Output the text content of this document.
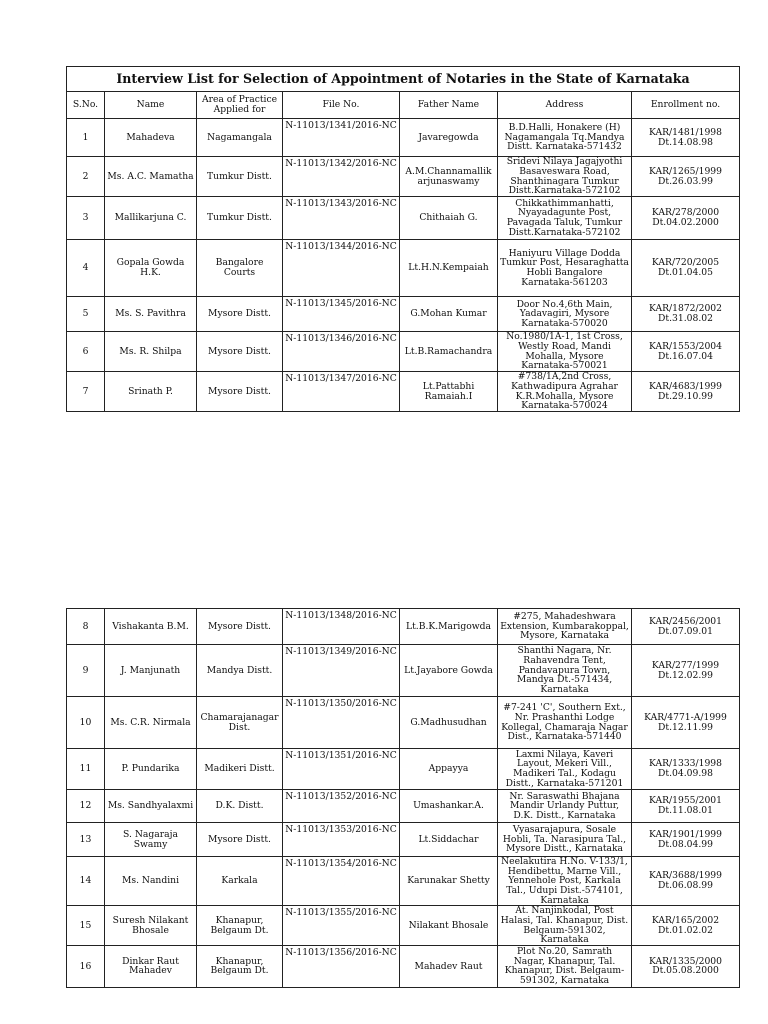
Interview List for Selection of Appointment of Notaries in the State of Karnataka						
S.No.	Name	Area of Practice Applied for	File No.	Father Name	Address	Enrollment no.
1	Mahadeva	Nagamangala	N-11013/1341/2016-NC	Javaregowda	B.D.Halli, Honakere (H) Nagamangala Tq.Mandya Distt. Karnataka-571432	KAR/1481/1998 Dt.14.08.98
2	Ms. A.C. Mamatha	Tumkur Distt.	N-11013/1342/2016-NC	A.M.Channamallik arjunaswamy	Sridevi Nilaya Jagajyothi Basaveswara Road, Shanthinagara Tumkur Distt.Karnataka-572102	KAR/1265/1999 Dt.26.03.99
3	Mallikarjuna C.	Tumkur Distt.	N-11013/1343/2016-NC	Chithaiah G.	Chikkathimmanhatti, Nyayadagunte Post, Pavagada Taluk, Tumkur Distt.Karnataka-572102	KAR/278/2000 Dt.04.02.2000
4	Gopala Gowda H.K.	Bangalore Courts	N-11013/1344/2016-NC	Lt.H.N.Kempaiah	Haniyuru Village Dodda Tumkur Post, Hesaraghatta Hobli Bangalore Karnataka-561203	KAR/720/2005 Dt.01.04.05
5	Ms. S. Pavithra	Mysore Distt.	N-11013/1345/2016-NC	G.Mohan Kumar	Door No.4,6th Main, Yadavagiri, Mysore Karnataka-570020	KAR/1872/2002 Dt.31.08.02
6	Ms. R. Shilpa	Mysore Distt.	N-11013/1346/2016-NC	Lt.B.Ramachandra	No.1980/1A-1, 1st Cross, Westly Road, Mandi Mohalla, Mysore Karnataka-570021	KAR/1553/2004 Dt.16.07.04
7	Srinath P.	Mysore Distt.	N-11013/1347/2016-NC	Lt.Pattabhi Ramaiah.I	#738/1A,2nd Cross, Kathwadipura Agrahar K.R.Mohalla, Mysore Karnataka-570024	KAR/4683/1999 Dt.29.10.99
8	Vishakanta B.M.	Mysore Distt.	N-11013/1348/2016-NC	Lt.B.K.Marigowda	#275, Mahadeshwara Extension, Kumbarakoppal, Mysore, Karnataka	KAR/2456/2001 Dt.07.09.01
9	J. Manjunath	Mandya Distt.	N-11013/1349/2016-NC	Lt.Jayabore Gowda	Shanthi Nagara, Nr. Rahavendra Tent, Pandavapura Town, Mandya Dt.-571434, Karnataka	KAR/277/1999 Dt.12.02.99
10	Ms. C.R. Nirmala	Chamarajanagar Dist.	N-11013/1350/2016-NC	G.Madhusudhan	#7-241 'C', Southern Ext., Nr. Prashanthi Lodge Kollegal, Chamaraja Nagar Dist., Karnataka-571440	KAR/4771-A/1999 Dt.12.11.99
11	P. Pundarika	Madikeri Distt.	N-11013/1351/2016-NC	Appayya	Laxmi Nilaya, Kaveri Layout, Mekeri Vill., Madikeri Tal., Kodagu Distt., Karnataka-571201	KAR/1333/1998 Dt.04.09.98
12	Ms. Sandhyalaxmi	D.K. Distt.	N-11013/1352/2016-NC	Umashankar.A.	Nr. Saraswathi Bhajana Mandir Urlandy Puttur, D.K. Distt., Karnataka	KAR/1955/2001 Dt.11.08.01
13	S. Nagaraja Swamy	Mysore Distt.	N-11013/1353/2016-NC	Lt.Siddachar	Vyasarajapura, Sosale Hobli, Ta. Narasipura Tal., Mysore Distt., Karnataka	KAR/1901/1999 Dt.08.04.99
14	Ms. Nandini	Karkala	N-11013/1354/2016-NC	Karunakar Shetty	Neelakutira H.No. V-133/1, Hendibettu, Marne Vill., Yennehole Post, Karkala Tal., Udupi Dist.-574101, Karnataka	KAR/3688/1999 Dt.06.08.99
15	Suresh Nilakant Bhosale	Khanapur, Belgaum Dt.	N-11013/1355/2016-NC	Nilakant Bhosale	At. Nanjinkodal, Post Halasi, Tal. Khanapur, Dist. Belgaum-591302, Karnataka	KAR/165/2002 Dt.01.02.02
16	Dinkar Raut Mahadev	Khanapur, Belgaum Dt.	N-11013/1356/2016-NC	Mahadev Raut	Plot No.20, Samrath Nagar, Khanapur, Tal. Khanapur, Dist. Belgaum-591302, Karnataka	KAR/1335/2000 Dt.05.08.2000
